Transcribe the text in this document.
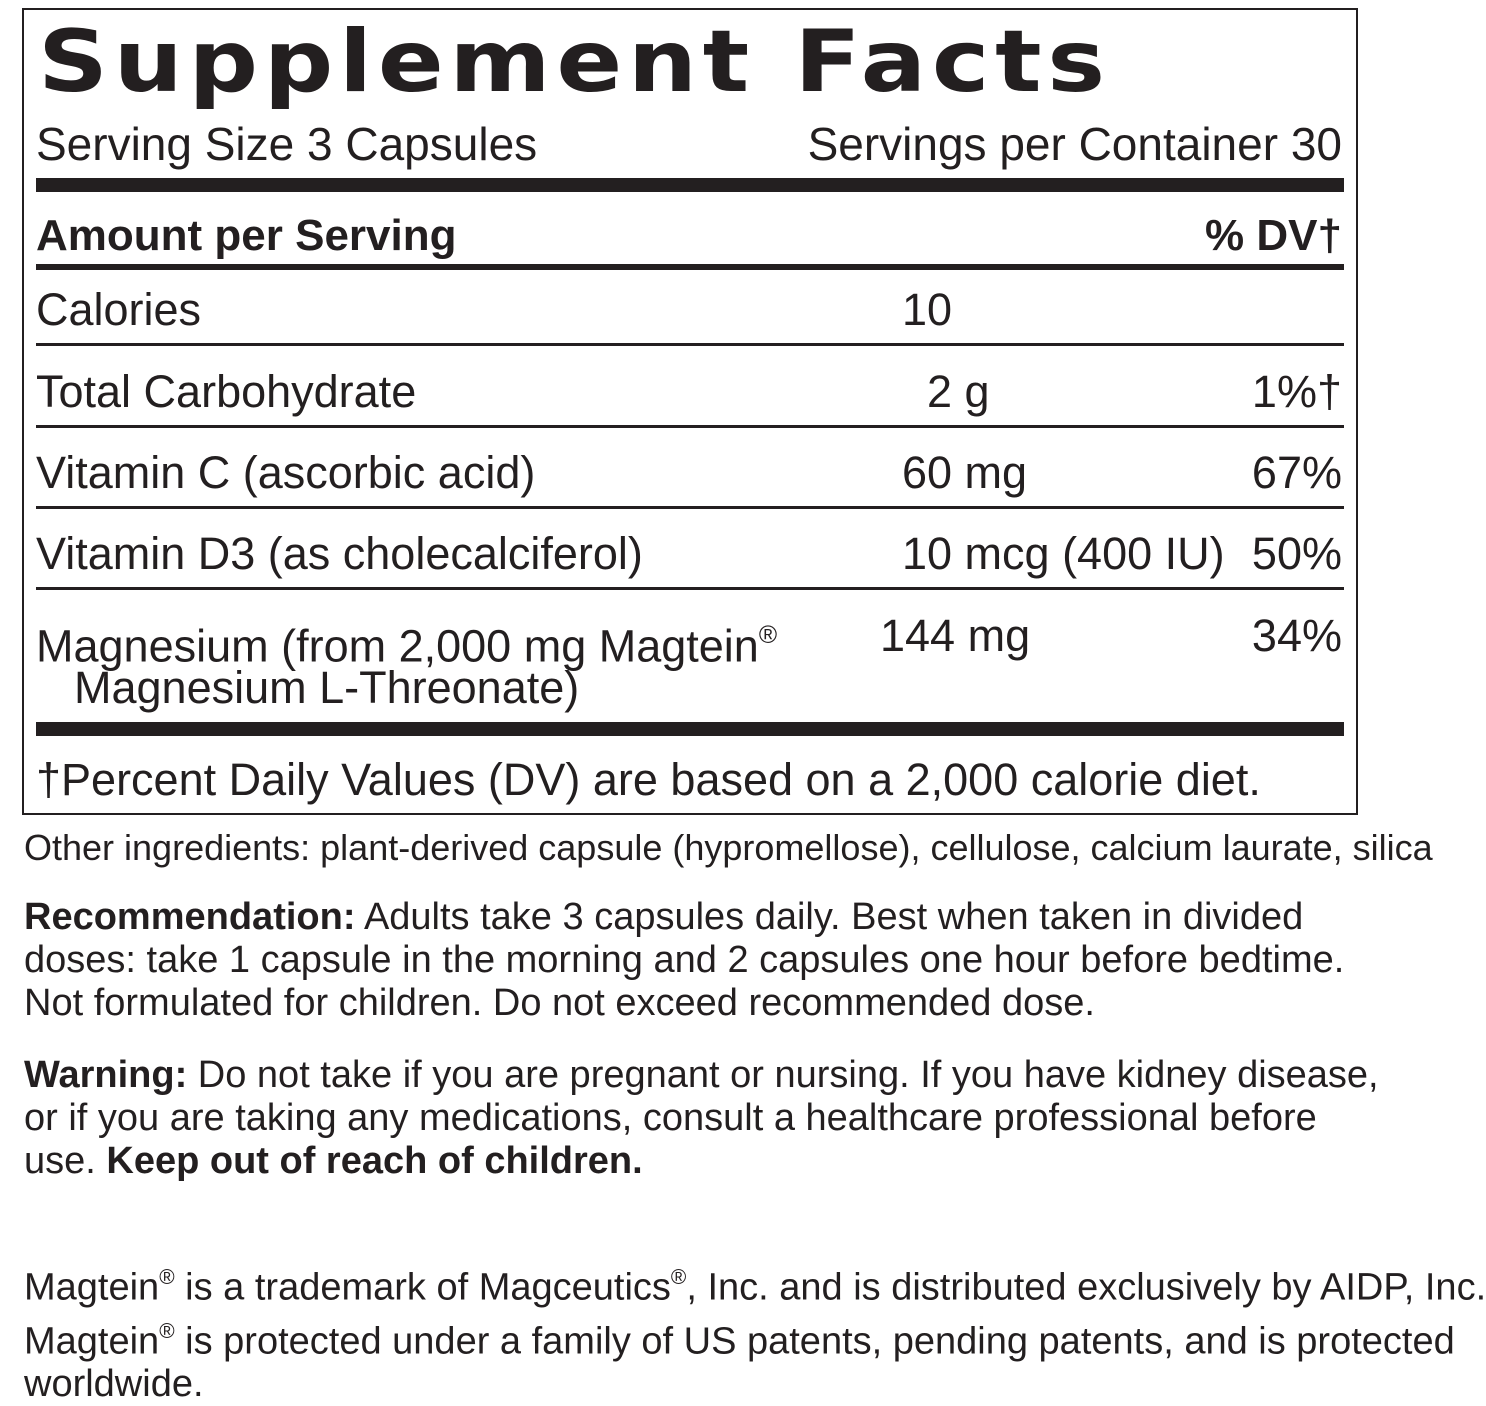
Supplement Facts
Serving Size 3 Capsules	Servings per Container 30
Amount per Serving	% DV†
Calories	10
Total Carbohydrate	2 g	1%†
Vitamin C (ascorbic acid)	60 mg	67%
Vitamin D3 (as cholecalciferol)	10 mcg (400 IU) 50%
Magnesium (from 2,000 mg Magtein®
Magnesium L-Threonate)
144 mg	34%
†Percent Daily Values (DV) are based on a 2,000 calorie diet.
Other ingredients: plant-derived capsule (hypromellose), cellulose, calcium laurate, silica
Recommendation: Adults take 3 capsules daily. Best when taken in divided
doses: take 1 capsule in the morning and 2 capsules one hour before bedtime.
Not formulated for children. Do not exceed recommended dose.
Warning: Do not take if you are pregnant or nursing. If you have kidney disease,
or if you are taking any medications, consult a healthcare professional before
use. Keep out of reach of children.
Magtein® is a trademark of Magceutics®, Inc. and is distributed exclusively by AIDP, Inc.
Magtein® is protected under a family of US patents, pending patents, and is protected
worldwide.
